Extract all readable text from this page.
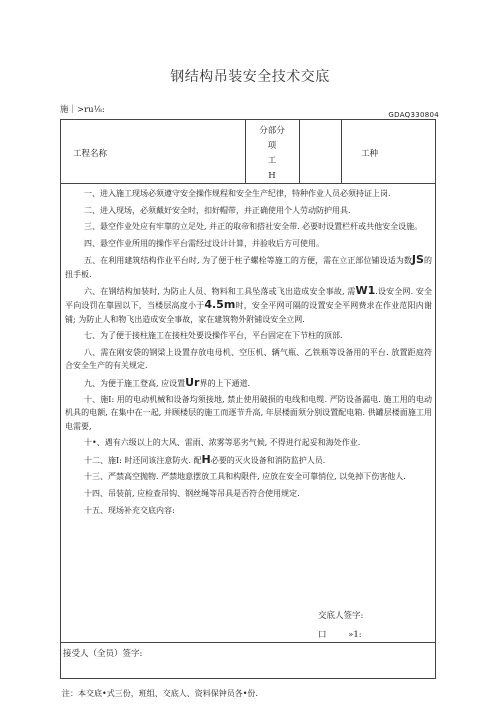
钢结构吊装安全技术交底
施｜>ru⅛:	GDAQ330804
工程名称	工种
分部分
项
工
H

一、进入施工现场必须遵守安全操作规程和安全生产纪律，特种作业人员必须持证上岗.

二、进入现场，必须戴好安全时，扣好帽带，并正确使用个人劳动防护用具.

三、悬空作业处应有牢靠的立足处, 并正的取帝和搭社安全带. 必要时设置栏杆或共他安全设施。

四、悬空作业所用的操作平台需经过设计计算，并验收后方可使用。

五、在利用建筑结构作业平台时, 为了便于柱子螺栓等施工的方便，需在立正部位铺设适为数JS的扭手板.

六、在钢结构加装时, 为防止人员、物料和工具坠落或飞出造成安全事故, 需W1.设安全网. 安全平向设罚在靠固以下，当楼层高度小于4.5m时，安全平网可隔的设置安全平网费求在作业范阳内谢铺; 为防止人和物飞出造成安全事故，家在建筑物外附铺设安全立网.

七、为了便于接柱施工在接柱处要设操作平台，平台固定在下节柱的顶部.

八、需在刚安袋的钢梁上设置存放电母机、空压机、辆气瓶、乙铁瓶等设备用的平台. 放置距庭符合安全生产的有关规定.

九、为便于施工登高, 应设置Ur界的上下通道.

十、施I: 用的电动机械和设备均须接地, 禁止使用破损的电线和电缆. 严防设备漏电. 施工用的电动机具的电额, 在集中在一起, 并顾楼层的施工而逐节升高, 年层楼面须分别设置配电箱. 供罐层楼面施工用电需要,

十•、遇有六级以上的大风、雷雨、浓雾等恶劣气候, 不得进行起妥和海处作业.

十二、施I: 时还同该注意防火. 配H必要的灭火设备和消防监护人员.

十三、严禁高空抛物. 严禁地意摆放工具和构限件, 应放在安全可靠悄位, 以免掉下伤害他人.

十四、吊装前, 应检查吊钩、钢丝绳等吊具是否符合使用规定.

十五、现场补充交底内容:

交底人签字:
口        »1:
接受人（全员）签字:
注：本交底•式三份，班组、交底人、资料保钟员各•份.
